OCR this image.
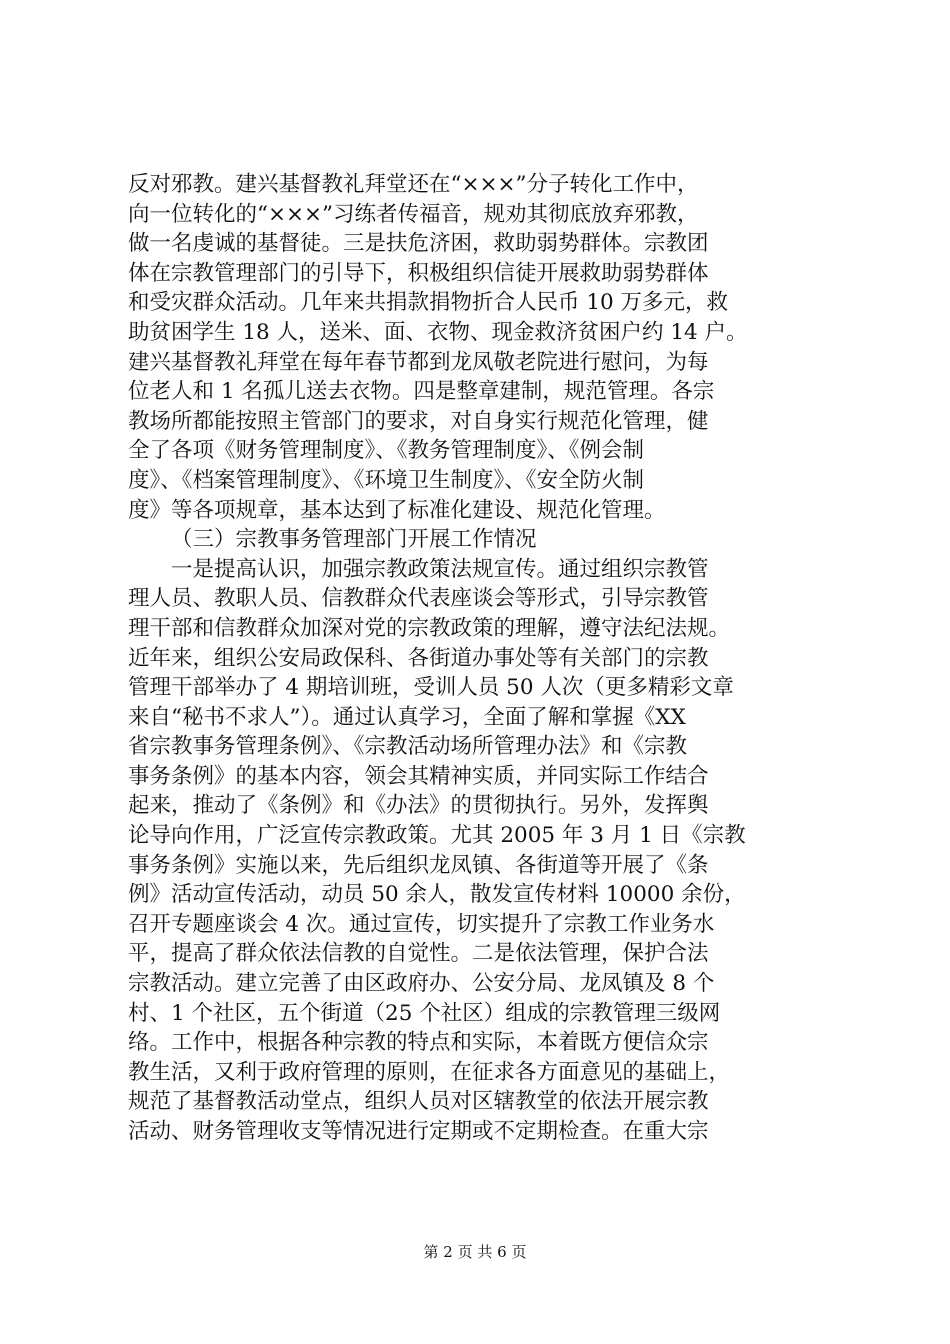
反对邪教。建兴基督教礼拜堂还在“×××”分子转化工作中，
向一位转化的“×××”习练者传福音，规劝其彻底放弃邪教，
做一名虔诚的基督徒。三是扶危济困，救助弱势群体。宗教团
体在宗教管理部门的引导下，积极组织信徒开展救助弱势群体
和受灾群众活动。几年来共捐款捐物折合人民币 10 万多元，救
助贫困学生 18 人，送米、面、衣物、现金救济贫困户约 14 户。
建兴基督教礼拜堂在每年春节都到龙凤敬老院进行慰问，为每
位老人和 1 名孤儿送去衣物。四是整章建制，规范管理。各宗
教场所都能按照主管部门的要求，对自身实行规范化管理，健
全了各项《财务管理制度》、《教务管理制度》、《例会制
度》、《档案管理制度》、《环境卫生制度》、《安全防火制
度》等各项规章，基本达到了标准化建设、规范化管理。
（三）宗教事务管理部门开展工作情况
一是提高认识，加强宗教政策法规宣传。通过组织宗教管
理人员、教职人员、信教群众代表座谈会等形式，引导宗教管
理干部和信教群众加深对党的宗教政策的理解，遵守法纪法规。
近年来，组织公安局政保科、各街道办事处等有关部门的宗教
管理干部举办了 4 期培训班，受训人员 50 人次（更多精彩文章
来自“秘书不求人”）。通过认真学习，全面了解和掌握《XX
省宗教事务管理条例》、《宗教活动场所管理办法》和《宗教
事务条例》的基本内容，领会其精神实质，并同实际工作结合
起来，推动了《条例》和《办法》的贯彻执行。另外，发挥舆
论导向作用，广泛宣传宗教政策。尤其 2005 年 3 月 1 日《宗教
事务条例》实施以来，先后组织龙凤镇、各街道等开展了《条
例》活动宣传活动，动员 50 余人，散发宣传材料 10000 余份，
召开专题座谈会 4 次。通过宣传，切实提升了宗教工作业务水
平，提高了群众依法信教的自觉性。二是依法管理，保护合法
宗教活动。建立完善了由区政府办、公安分局、龙凤镇及 8 个
村、1 个社区，五个街道（25 个社区）组成的宗教管理三级网
络。工作中，根据各种宗教的特点和实际，本着既方便信众宗
教生活，又利于政府管理的原则，在征求各方面意见的基础上，
规范了基督教活动堂点，组织人员对区辖教堂的依法开展宗教
活动、财务管理收支等情况进行定期或不定期检查。在重大宗
第 2 页 共 6 页
